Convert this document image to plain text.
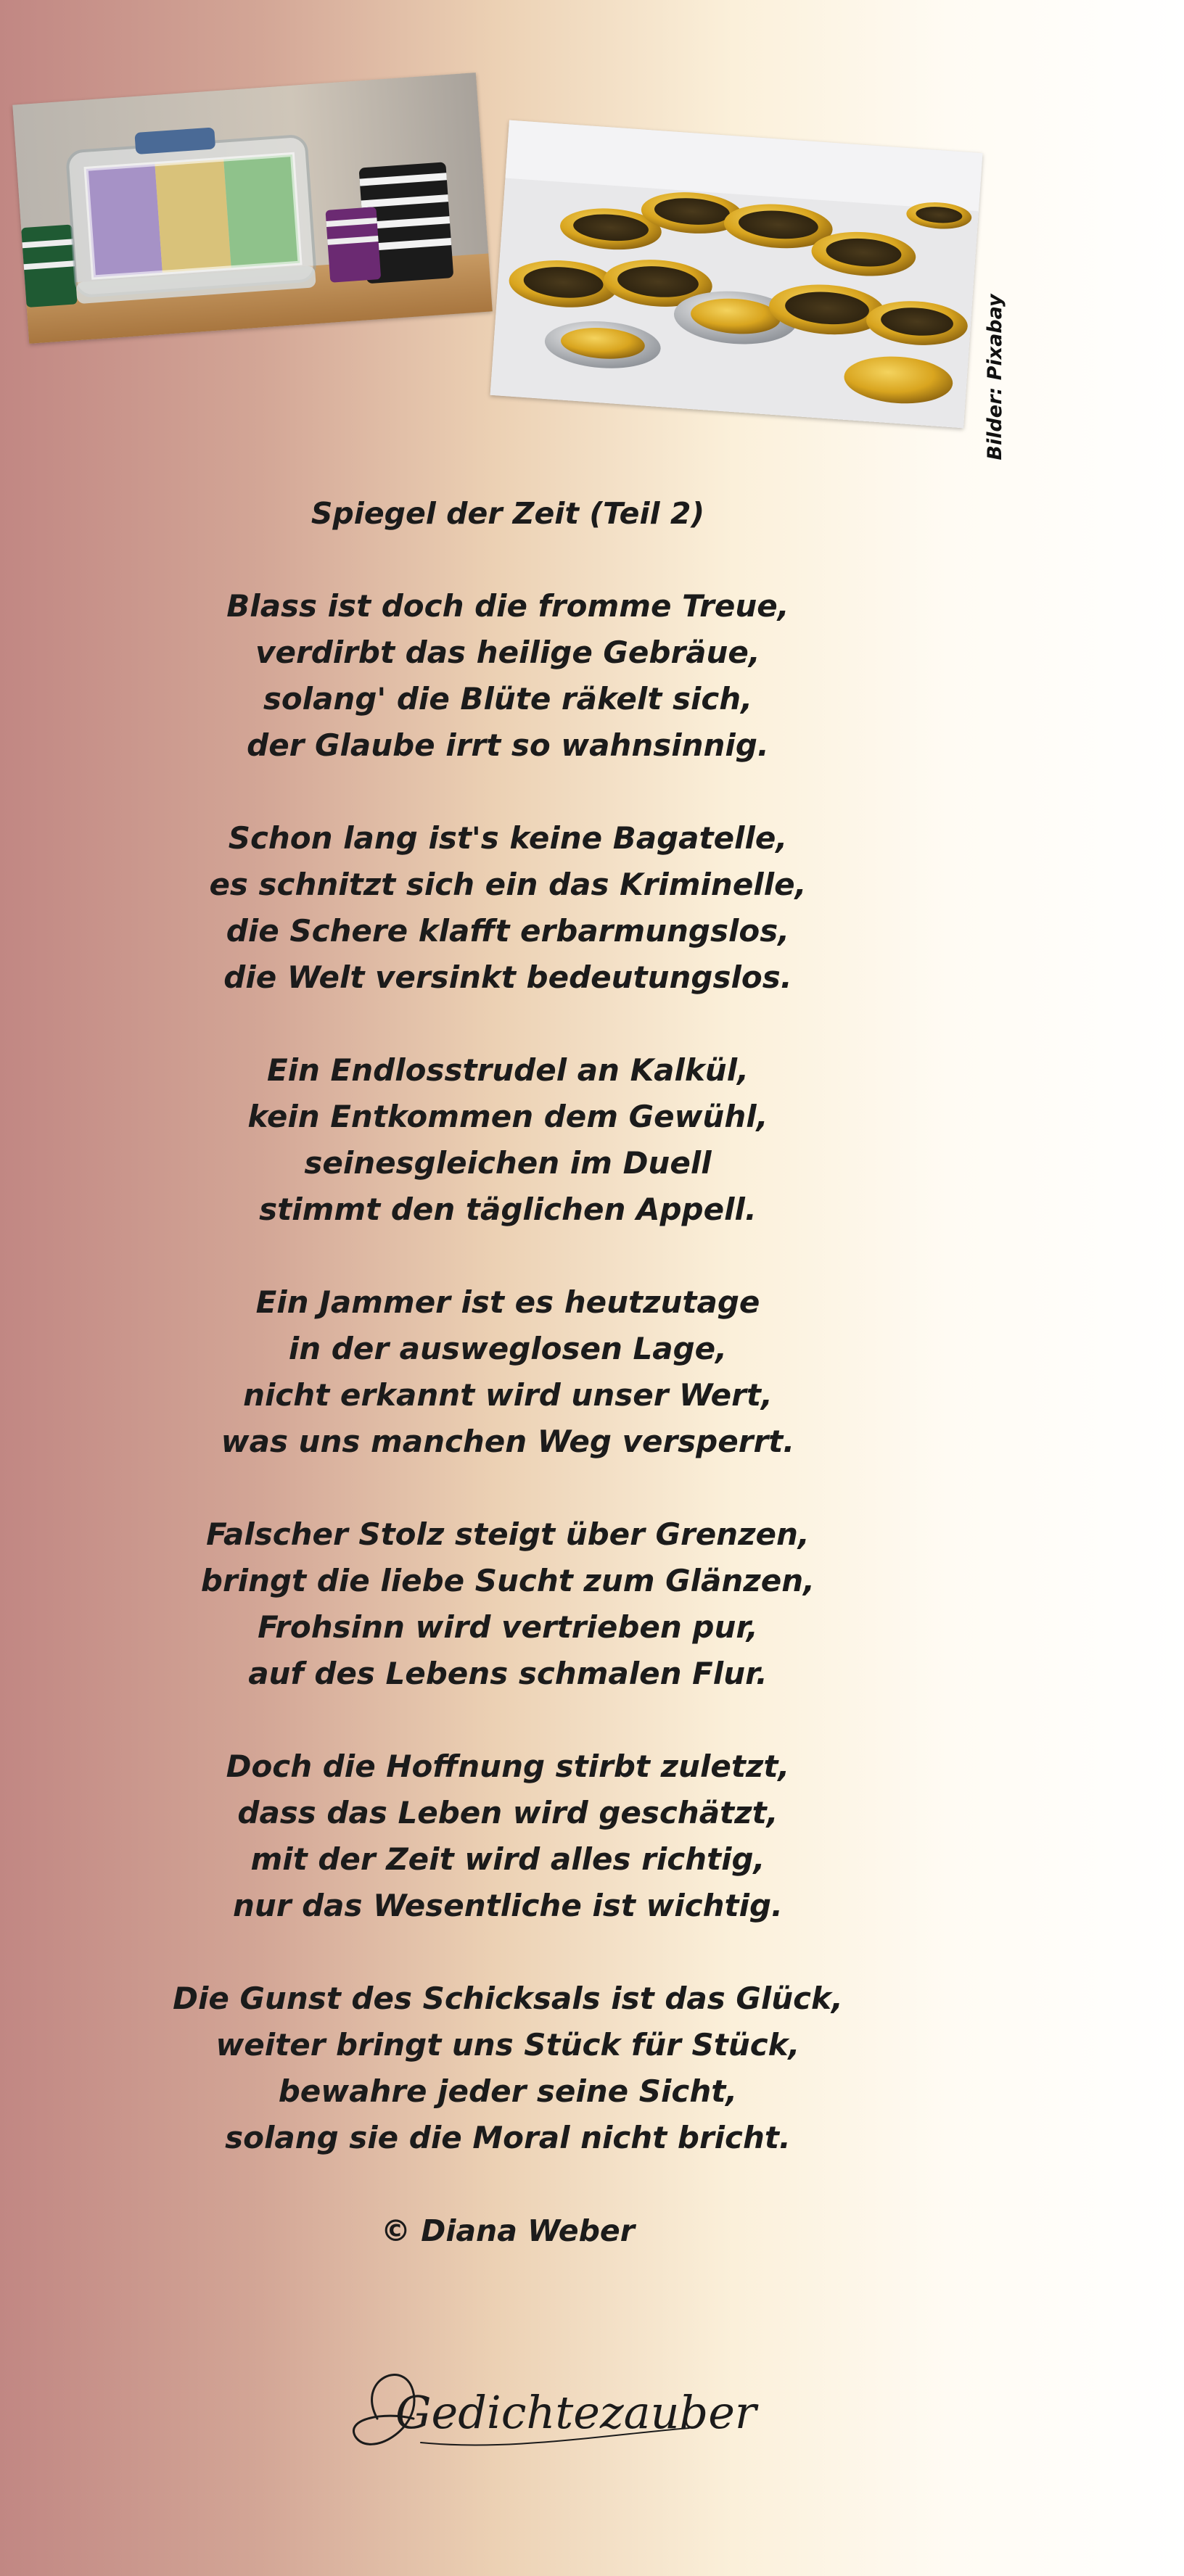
Bilder: Pixabay
Spiegel der Zeit (Teil 2)
Blass ist doch die fromme Treue,
verdirbt das heilige Gebräue,
solang' die Blüte räkelt sich,
der Glaube irrt so wahnsinnig.
Schon lang ist's keine Bagatelle,
es schnitzt sich ein das Kriminelle,
die Schere klafft erbarmungslos,
die Welt versinkt bedeutungslos.
Ein Endlosstrudel an Kalkül,
kein Entkommen dem Gewühl,
seinesgleichen im Duell
stimmt den täglichen Appell.
Ein Jammer ist es heutzutage
in der ausweglosen Lage,
nicht erkannt wird unser Wert,
was uns manchen Weg versperrt.
Falscher Stolz steigt über Grenzen,
bringt die liebe Sucht zum Glänzen,
Frohsinn wird vertrieben pur,
auf des Lebens schmalen Flur.
Doch die Hoffnung stirbt zuletzt,
dass das Leben wird geschätzt,
mit der Zeit wird alles richtig,
nur das Wesentliche ist wichtig.
Die Gunst des Schicksals ist das Glück,
weiter bringt uns Stück für Stück,
bewahre jeder seine Sicht,
solang sie die Moral nicht bricht.
© Diana Weber
Gedichtezauber
